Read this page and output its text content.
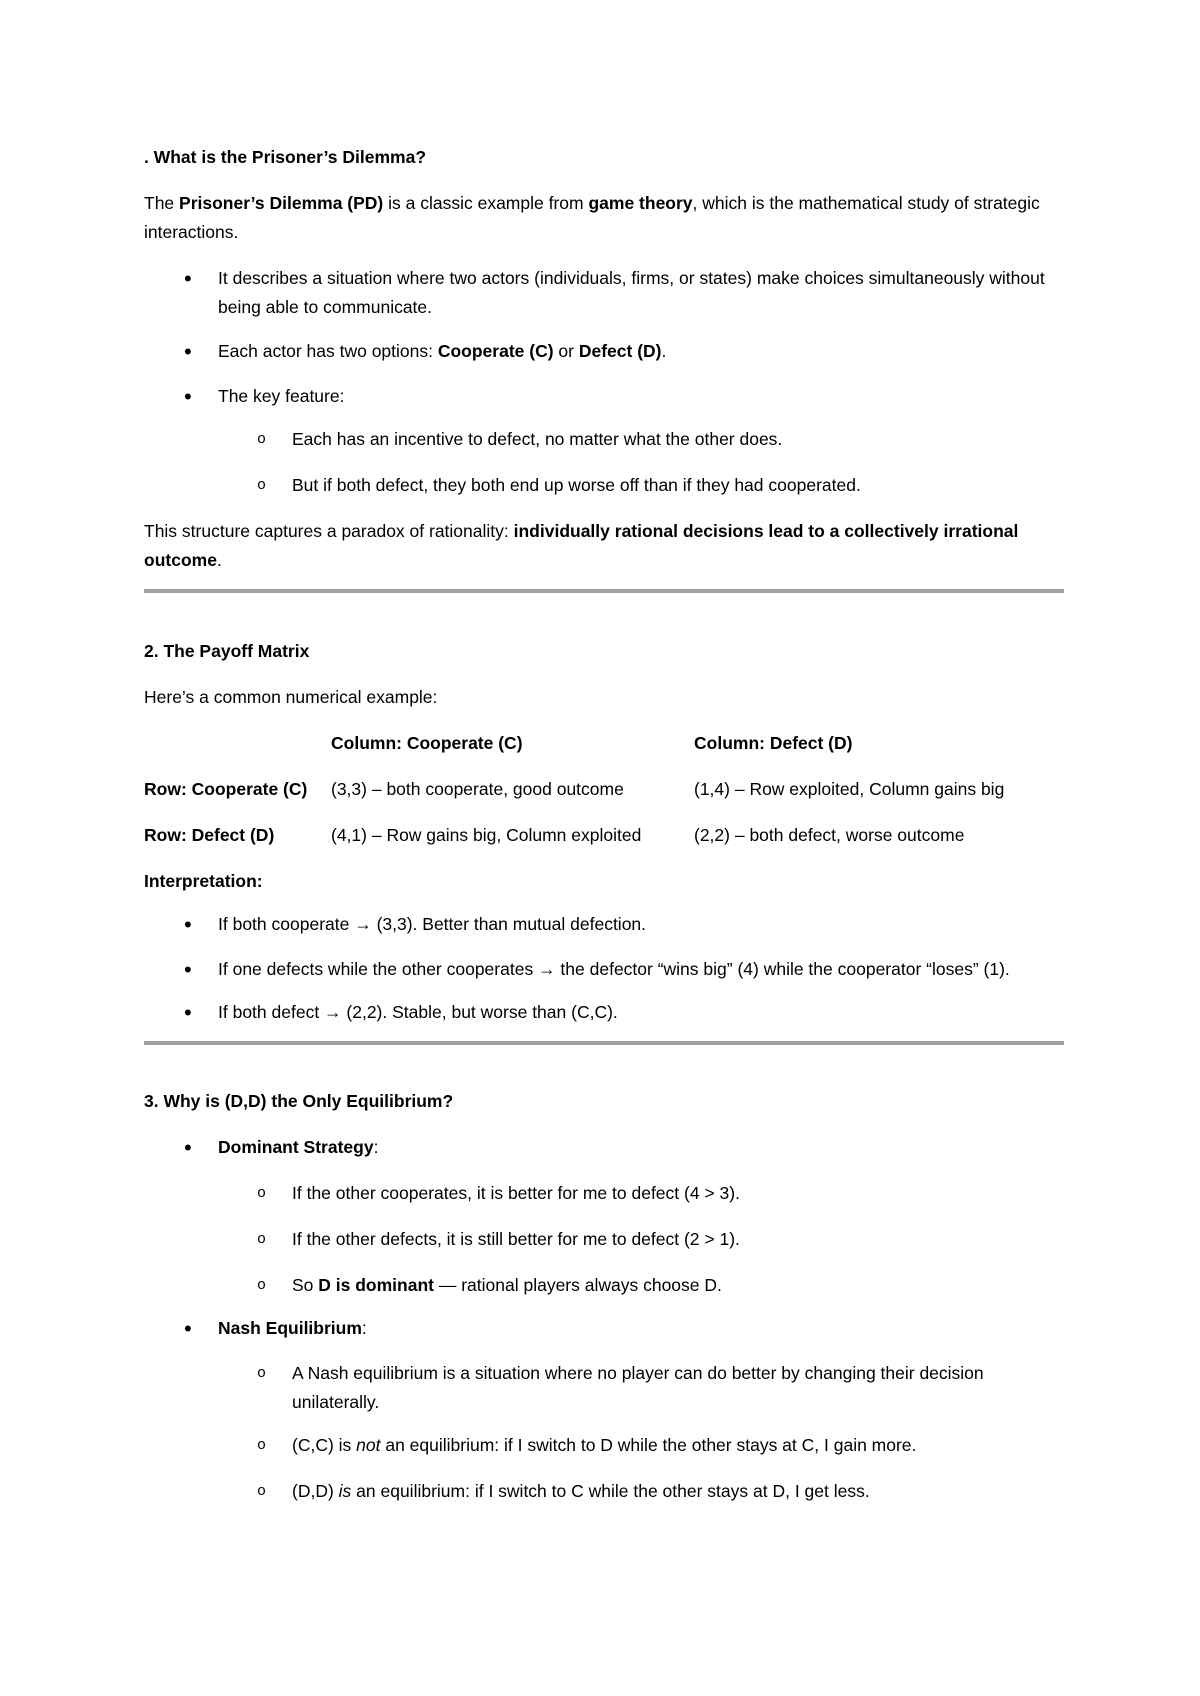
. What is the Prisoner’s Dilemma?

The Prisoner’s Dilemma (PD) is a classic example from game theory, which is the mathematical study of strategic interactions.

• It describes a situation where two actors (individuals, firms, or states) make choices simultaneously without being able to communicate.
• Each actor has two options: Cooperate (C) or Defect (D).
• The key feature:
o Each has an incentive to defect, no matter what the other does.
o But if both defect, they both end up worse off than if they had cooperated.

This structure captures a paradox of rationality: individually rational decisions lead to a collectively irrational outcome.

2. The Payoff Matrix

Here’s a common numerical example:

	Column: Cooperate (C)	Column: Defect (D)
Row: Cooperate (C)	(3,3) – both cooperate, good outcome	(1,4) – Row exploited, Column gains big
Row: Defect (D)	(4,1) – Row gains big, Column exploited	(2,2) – both defect, worse outcome

Interpretation:

• If both cooperate → (3,3). Better than mutual defection.
• If one defects while the other cooperates → the defector “wins big” (4) while the cooperator “loses” (1).
• If both defect → (2,2). Stable, but worse than (C,C).

3. Why is (D,D) the Only Equilibrium?

• Dominant Strategy:
o If the other cooperates, it is better for me to defect (4 > 3).
o If the other defects, it is still better for me to defect (2 > 1).
o So D is dominant — rational players always choose D.
• Nash Equilibrium:
o A Nash equilibrium is a situation where no player can do better by changing their decision unilaterally.
o (C,C) is not an equilibrium: if I switch to D while the other stays at C, I gain more.
o (D,D) is an equilibrium: if I switch to C while the other stays at D, I get less.
